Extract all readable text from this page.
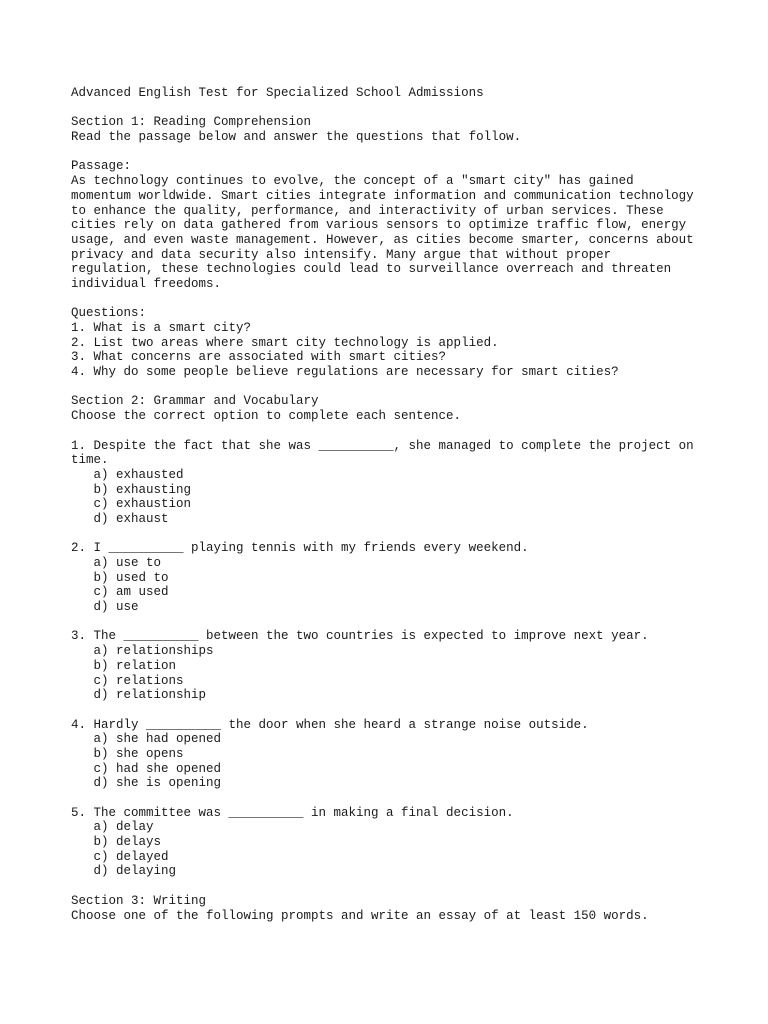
Advanced English Test for Specialized School Admissions
Section 1: Reading Comprehension
Read the passage below and answer the questions that follow.
Passage:
As technology continues to evolve, the concept of a "smart city" has gained
momentum worldwide. Smart cities integrate information and communication technology
to enhance the quality, performance, and interactivity of urban services. These
cities rely on data gathered from various sensors to optimize traffic flow, energy
usage, and even waste management. However, as cities become smarter, concerns about
privacy and data security also intensify. Many argue that without proper
regulation, these technologies could lead to surveillance overreach and threaten
individual freedoms.
Questions:
1. What is a smart city?
2. List two areas where smart city technology is applied.
3. What concerns are associated with smart cities?
4. Why do some people believe regulations are necessary for smart cities?
Section 2: Grammar and Vocabulary
Choose the correct option to complete each sentence.
1. Despite the fact that she was __________, she managed to complete the project on
time.
a) exhausted
b) exhausting
c) exhaustion
d) exhaust
2. I __________ playing tennis with my friends every weekend.
a) use to
b) used to
c) am used
d) use
3. The __________ between the two countries is expected to improve next year.
a) relationships
b) relation
c) relations
d) relationship
4. Hardly __________ the door when she heard a strange noise outside.
a) she had opened
b) she opens
c) had she opened
d) she is opening
5. The committee was __________ in making a final decision.
a) delay
b) delays
c) delayed
d) delaying
Section 3: Writing
Choose one of the following prompts and write an essay of at least 150 words.
